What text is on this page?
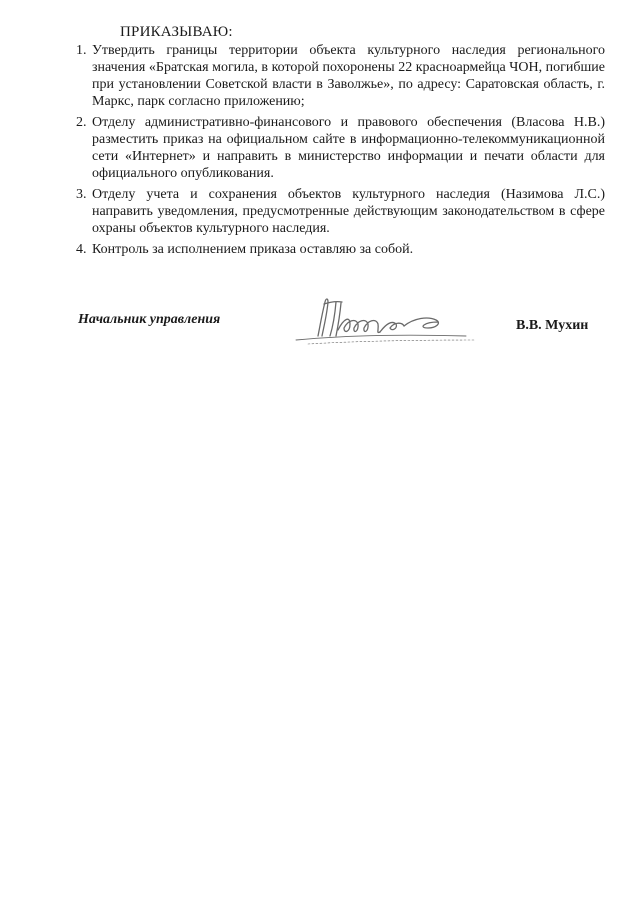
ПРИКАЗЫВАЮ:
1. Утвердить границы территории объекта культурного наследия регионального значения «Братская могила, в которой похоронены 22 красноармейца ЧОН, погибшие при установлении Советской власти в Заволжье», по адресу: Саратовская область, г. Маркс, парк согласно приложению;
2. Отделу административно-финансового и правового обеспечения (Власова Н.В.) разместить приказ на официальном сайте в информационно-телекоммуникационной сети «Интернет» и направить в министерство информации и печати области для официального опубликования.
3. Отделу учета и сохранения объектов культурного наследия (Назимова Л.С.) направить уведомления, предусмотренные действующим законодательством в сфере охраны объектов культурного наследия.
4. Контроль за исполнением приказа оставляю за собой.
Начальник управления	В.В. Мухин
